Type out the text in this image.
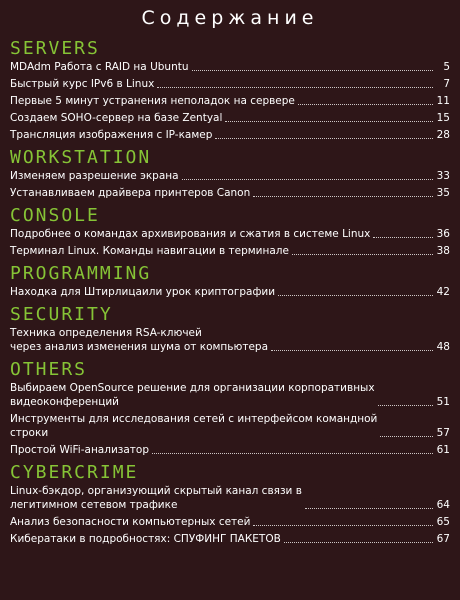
Содержание
SERVERS
MDAdm Работа с RAID на Ubuntu	5
Быстрый курс IPv6 в Linux	7
Первые 5 минут устранения неполадок на сервере	11
Создаем SOHO-сервер на базе Zentyal	15
Трансляция изображения с IP-камер	28
WORKSTATION
Изменяем разрешение экрана	33
Устанавливаем драйвера принтеров Canon	35
CONSOLE
Подробнее о командах архивирования и сжатия в системе Linux	36
Терминал Linux. Команды навигации в терминале	38
PROGRAMMING
Находка для Штирлицаили урок криптографии	42
SECURITY
Техника определения RSA-ключей
через анализ изменения шума от компьютера	48
OTHERS
Выбираем OpenSource решение для организации корпоративных
видеоконференций	51
Инструменты для исследования сетей с интерфейсом командной
строки	57
Простой WiFi-анализатор	61
CYBERCRIME
Linux-бэкдор, организующий скрытый канал связи в
легитимном сетевом трафике	64
Анализ безопасности компьютерных сетей	65
Кибератаки в подробностях: СПУФИНГ ПАКЕТОВ	67
